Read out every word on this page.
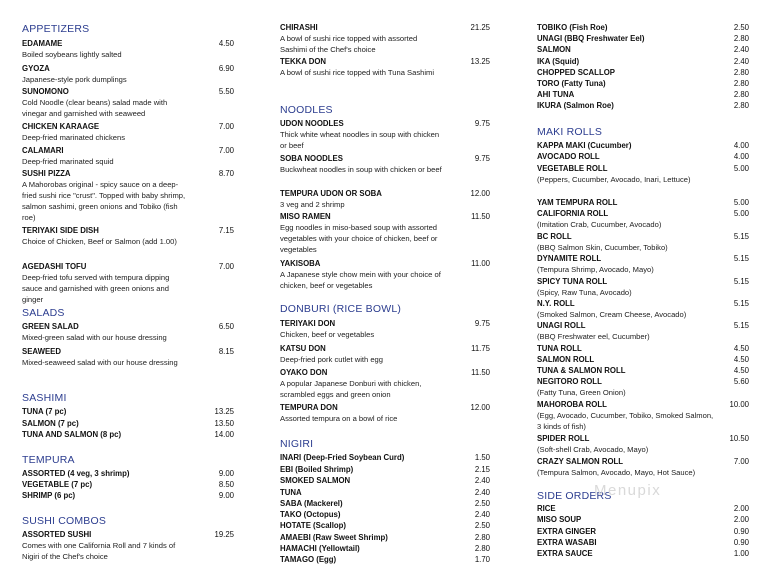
APPETIZERS
EDAMAME	4.50
Boiled soybeans lightly salted
GYOZA	6.90
Japanese-style pork dumplings
SUNOMONO	5.50
Cold Noodle (clear beans) salad made with vinegar and garnished with seaweed
CHICKEN KARAAGE	7.00
Deep-fried marinated chickens
CALAMARI	7.00
Deep-fried marinated squid
SUSHI PIZZA	8.70
A Mahorobas original - spicy sauce on a deep-fried sushi rice "crust". Topped with baby shrimp, salmon sashimi, green onions and Tobiko (fish roe)
TERIYAKI SIDE DISH	7.15
Choice of Chicken, Beef or Salmon (add 1.00)
AGEDASHI TOFU	7.00
Deep-fried tofu served with tempura dipping sauce and garnished with green onions and ginger
SALADS
GREEN SALAD	6.50
Mixed-green salad with our house dressing
SEAWEED	8.15
Mixed-seaweed salad with our house dressing
SASHIMI
TUNA (7 pc)	13.25
SALMON (7 pc)	13.50
TUNA AND SALMON (8 pc)	14.00
TEMPURA
ASSORTED (4 veg, 3 shrimp)	9.00
VEGETABLE (7 pc)	8.50
SHRIMP (6 pc)	9.00
SUSHI COMBOS
ASSORTED SUSHI	19.25
Comes with one California Roll and 7 kinds of Nigiri of the Chef's choice
CHIRASHI	21.25
A bowl of sushi rice topped with assorted Sashimi of the Chef's choice
TEKKA DON	13.25
A bowl of sushi rice topped with Tuna Sashimi
NOODLES
UDON NOODLES	9.75
Thick white wheat noodles in soup with chicken or beef
SOBA NOODLES	9.75
Buckwheat noodles in soup with chicken or beef
TEMPURA UDON OR SOBA	12.00
3 veg and 2 shrimp
MISO RAMEN	11.50
Egg noodles in miso-based soup with assorted vegetables with your choice of chicken, beef or vegetables
YAKISOBA	11.00
A Japanese style chow mein with your choice of chicken, beef or vegetables
DONBURI (RICE BOWL)
TERIYAKI DON	9.75
Chicken, beef or vegetables
KATSU DON	11.75
Deep-fried pork cutlet with egg
OYAKO DON	11.50
A popular Japanese Donburi with chicken, scrambled eggs and green onion
TEMPURA DON	12.00
Assorted tempura on a bowl of rice
NIGIRI
INARI (Deep-Fried Soybean Curd)	1.50
EBI (Boiled Shrimp)	2.15
SMOKED SALMON	2.40
TUNA	2.40
SABA (Mackerel)	2.50
TAKO (Octopus)	2.40
HOTATE (Scallop)	2.50
AMAEBI (Raw Sweet Shrimp)	2.80
HAMACHI (Yellowtail)	2.80
TAMAGO (Egg)	1.70
TOBIKO (Fish Roe)	2.50
UNAGI (BBQ Freshwater Eel)	2.80
SALMON	2.40
IKA (Squid)	2.40
CHOPPED SCALLOP	2.80
TORO (Fatty Tuna)	2.80
AHI TUNA	2.80
IKURA (Salmon Roe)	2.80
MAKI ROLLS
KAPPA MAKI (Cucumber)	4.00
AVOCADO ROLL	4.00
VEGETABLE ROLL	5.00
(Peppers, Cucumber, Avocado, Inari, Lettuce)
YAM TEMPURA ROLL	5.00
CALIFORNIA ROLL	5.00
(Imitation Crab, Cucumber, Avocado)
BC ROLL	5.15
(BBQ Salmon Skin, Cucumber, Tobiko)
DYNAMITE ROLL	5.15
(Tempura Shrimp, Avocado, Mayo)
SPICY TUNA ROLL	5.15
(Spicy, Raw Tuna, Avocado)
N.Y. ROLL	5.15
(Smoked Salmon, Cream Cheese, Avocado)
UNAGI ROLL	5.15
(BBQ Freshwater eel, Cucumber)
TUNA ROLL	4.50
SALMON ROLL	4.50
TUNA & SALMON ROLL	4.50
NEGITORO ROLL	5.60
(Fatty Tuna, Green Onion)
MAHOROBA ROLL	10.00
(Egg, Avocado, Cucumber, Tobiko, Smoked Salmon, 3 kinds of fish)
SPIDER ROLL	10.50
(Soft-shell Crab, Avocado, Mayo)
CRAZY SALMON ROLL	7.00
(Tempura Salmon, Avocado, Mayo, Hot Sauce)
SIDE ORDERS
RICE	2.00
MISO SOUP	2.00
EXTRA GINGER	0.90
EXTRA WASABI	0.90
EXTRA SAUCE	1.00
Menupix
